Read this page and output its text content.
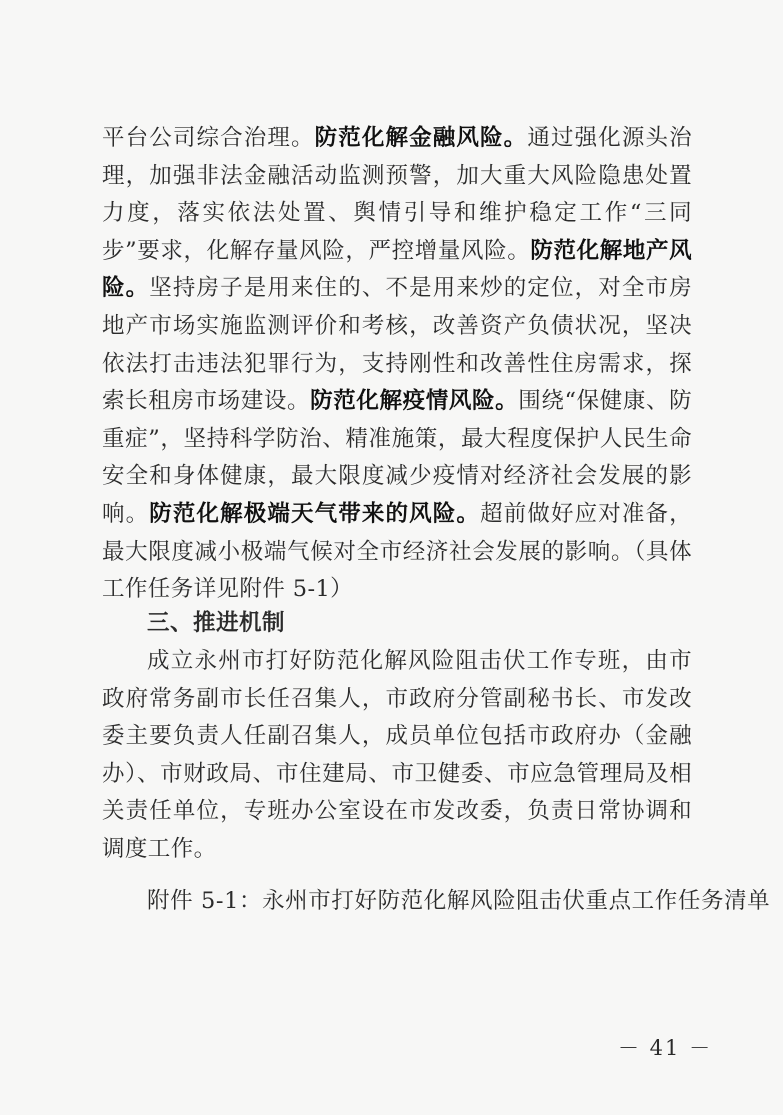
平台公司综合治理。防范化解金融风险。通过强化源头治理，加强非法金融活动监测预警，加大重大风险隐患处置力度，落实依法处置、舆情引导和维护稳定工作“三同步”要求，化解存量风险，严控增量风险。防范化解地产风险。坚持房子是用来住的、不是用来炒的定位，对全市房地产市场实施监测评价和考核，改善资产负债状况，坚决依法打击违法犯罪行为，支持刚性和改善性住房需求，探索长租房市场建设。防范化解疫情风险。围绕“保健康、防重症”，坚持科学防治、精准施策，最大程度保护人民生命安全和身体健康，最大限度减少疫情对经济社会发展的影响。防范化解极端天气带来的风险。超前做好应对准备，最大限度减小极端气候对全市经济社会发展的影响。（具体工作任务详见附件 5-1）

三、推进机制

成立永州市打好防范化解风险阻击伏工作专班，由市政府常务副市长任召集人，市政府分管副秘书长、市发改委主要负责人任副召集人，成员单位包括市政府办（金融办）、市财政局、市住建局、市卫健委、市应急管理局及相关责任单位，专班办公室设在市发改委，负责日常协调和调度工作。

附件 5-1：永州市打好防范化解风险阻击伏重点工作任务清单

－ 41 －
